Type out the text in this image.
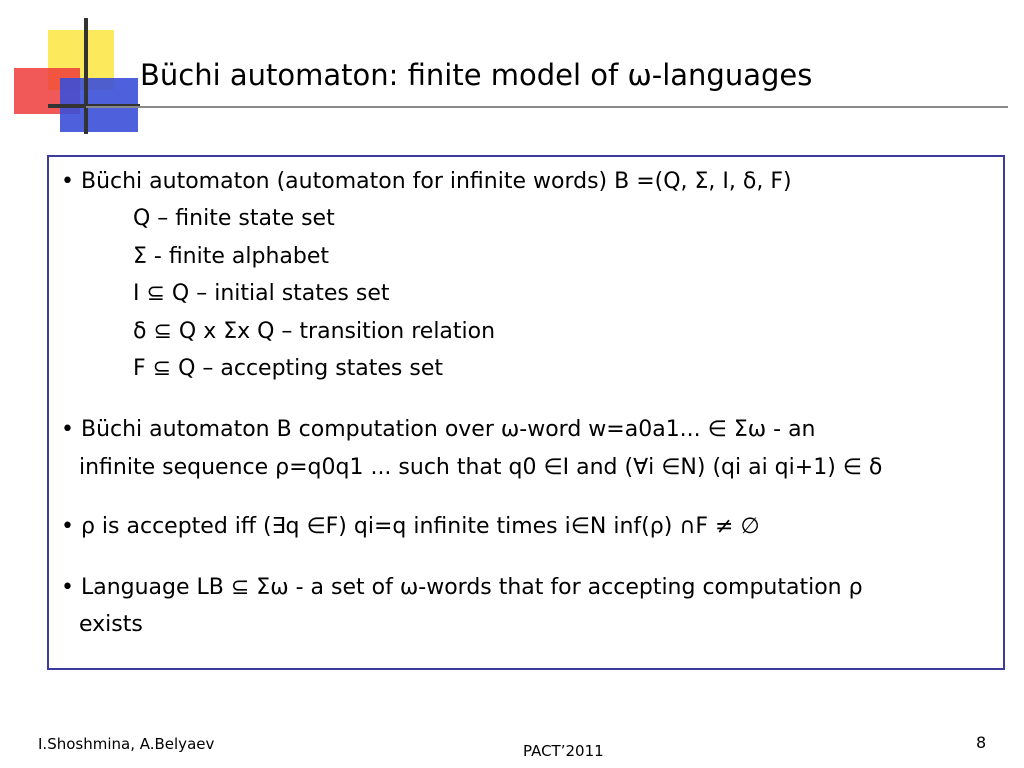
Büchi automaton: finite model of ω-languages
• Büchi automaton (automaton for infinite words) B =(Q, Σ, I, δ, F)
Q – finite state set
Σ - finite alphabet
I ⊆ Q – initial states set
δ ⊆ Q x Σx Q – transition relation
F ⊆ Q – accepting states set
• Büchi automaton B computation over ω-word w=a0a1... ∈ Σω - an
infinite sequence ρ=q0q1 ... such that q0 ∈I and (∀i ∈N) (qi ai qi+1) ∈ δ
• ρ is accepted iff (∃q ∈F) qi=q infinite times i∈N inf(ρ) ∩F ≠ ∅
• Language LB ⊆ Σω - a set of ω-words that for accepting computation ρ
exists
I.Shoshmina, A.Belyaev	PACT’2011	8
